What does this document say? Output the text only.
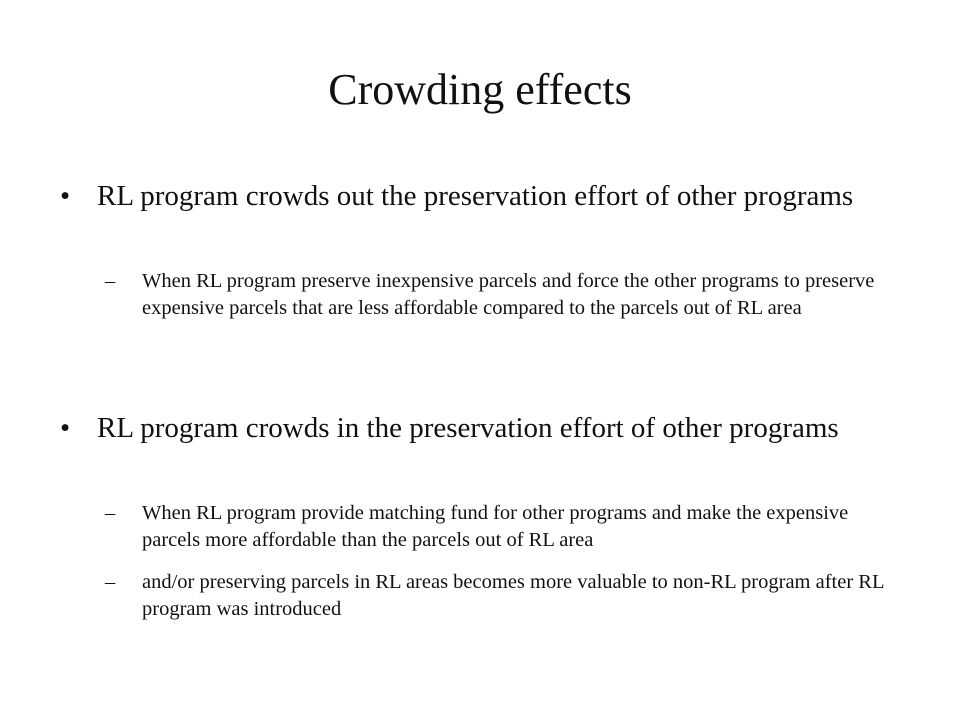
Crowding effects
• RL program crowds out the preservation effort of other programs
–	When RL program preserve inexpensive parcels and force the other programs to preserve expensive parcels that are less affordable compared to the parcels out of RL area
• RL program crowds in the preservation effort of other programs
–	When RL program provide matching fund for other programs and make the expensive parcels more affordable than the parcels out of RL area
–	and/or preserving parcels in RL areas becomes more valuable to non-RL program after RL program was introduced
